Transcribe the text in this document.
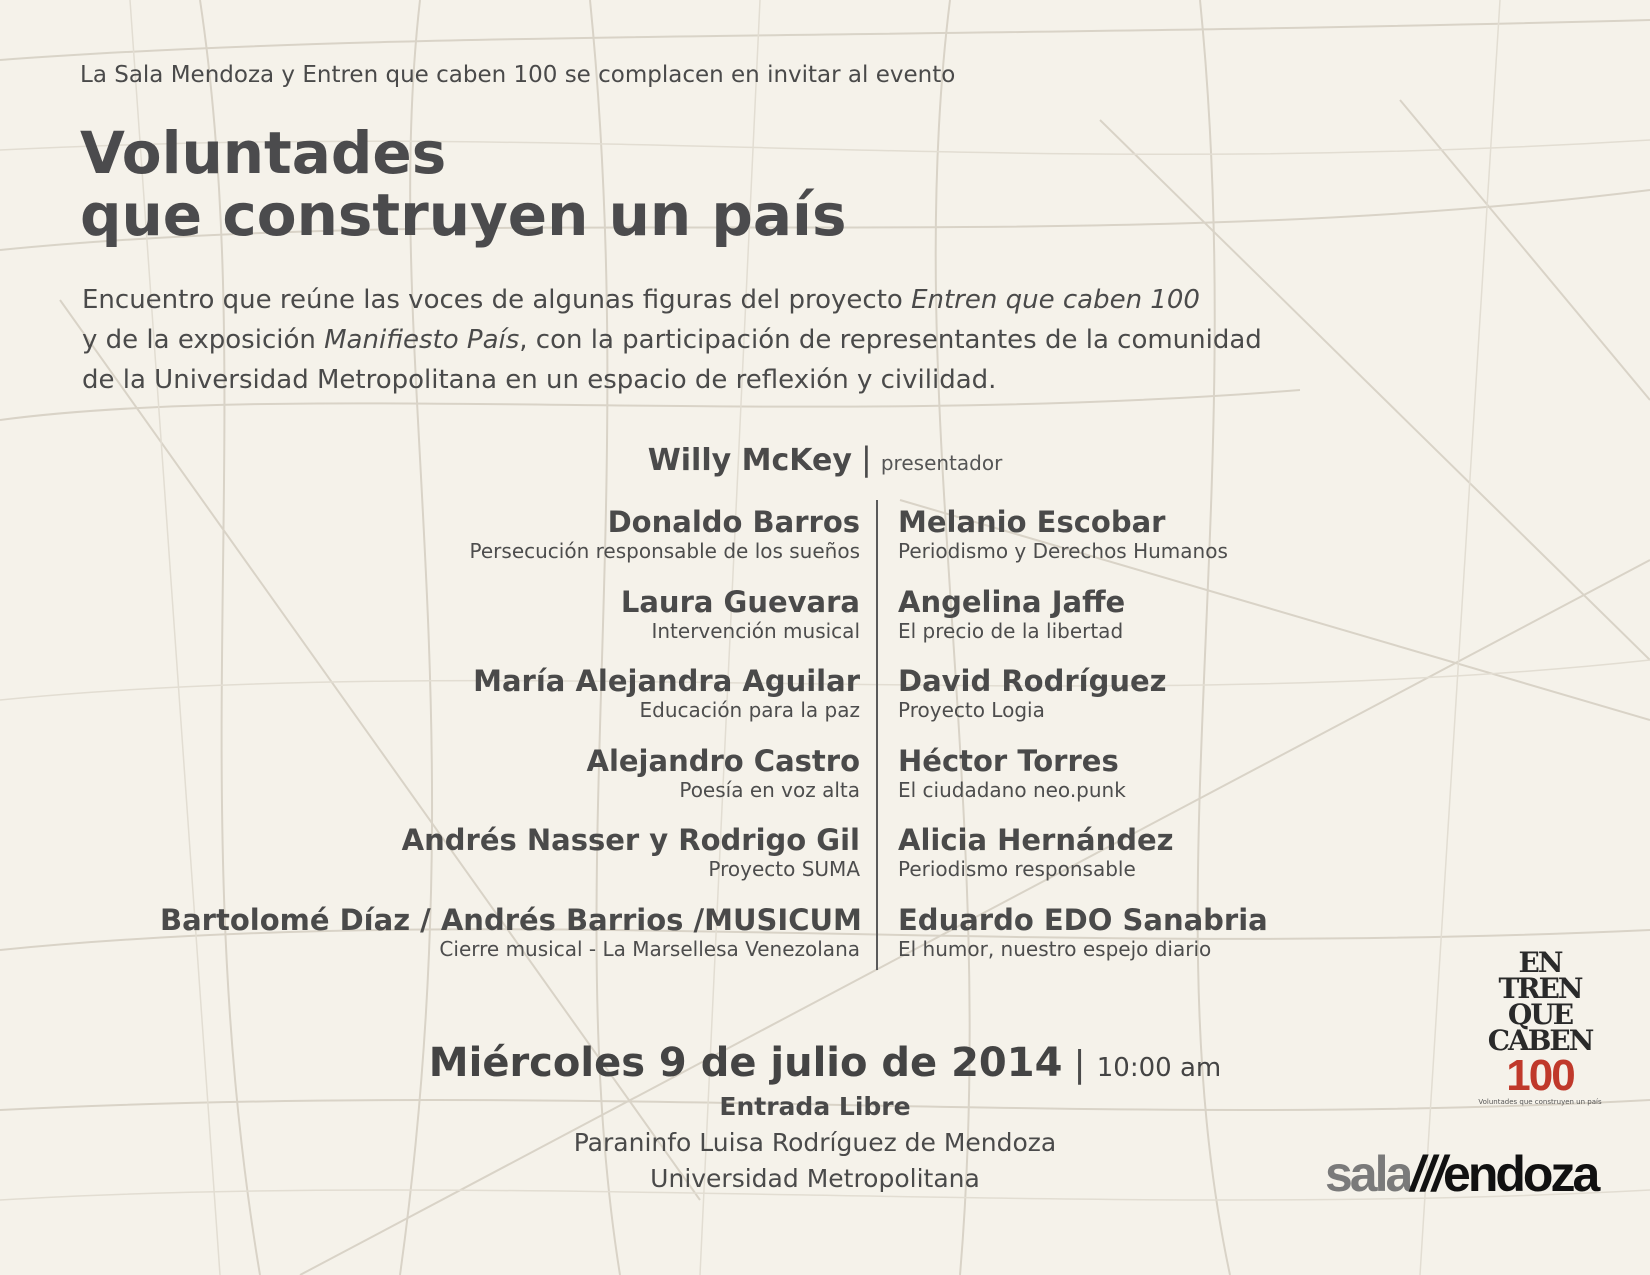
La Sala Mendoza y Entren que caben 100 se complacen en invitar al evento
Voluntades
que construyen un país
Encuentro que reúne las voces de algunas figuras del proyecto Entren que caben 100
y de la exposición Manifiesto País, con la participación de representantes de la comunidad
de la Universidad Metropolitana en un espacio de reflexión y civilidad.
Willy McKey | presentador
Donaldo Barros
Persecución responsable de los sueños
Laura Guevara
Intervención musical
María Alejandra Aguilar
Educación para la paz
Alejandro Castro
Poesía en voz alta
Andrés Nasser y Rodrigo Gil
Proyecto SUMA
Bartolomé Díaz / Andrés Barrios /MUSICUM
Cierre musical - La Marsellesa Venezolana
Melanio Escobar
Periodismo y Derechos Humanos
Angelina Jaffe
El precio de la libertad
David Rodríguez
Proyecto Logia
Héctor Torres
El ciudadano neo.punk
Alicia Hernández
Periodismo responsable
Eduardo EDO Sanabria
El humor, nuestro espejo diario
Miércoles 9 de julio de 2014 | 10:00 am
Entrada Libre
Paraninfo Luisa Rodríguez de Mendoza
Universidad Metropolitana
EN
TREN
QUE
CABEN
100
Voluntades que construyen un país
sala///endoza
